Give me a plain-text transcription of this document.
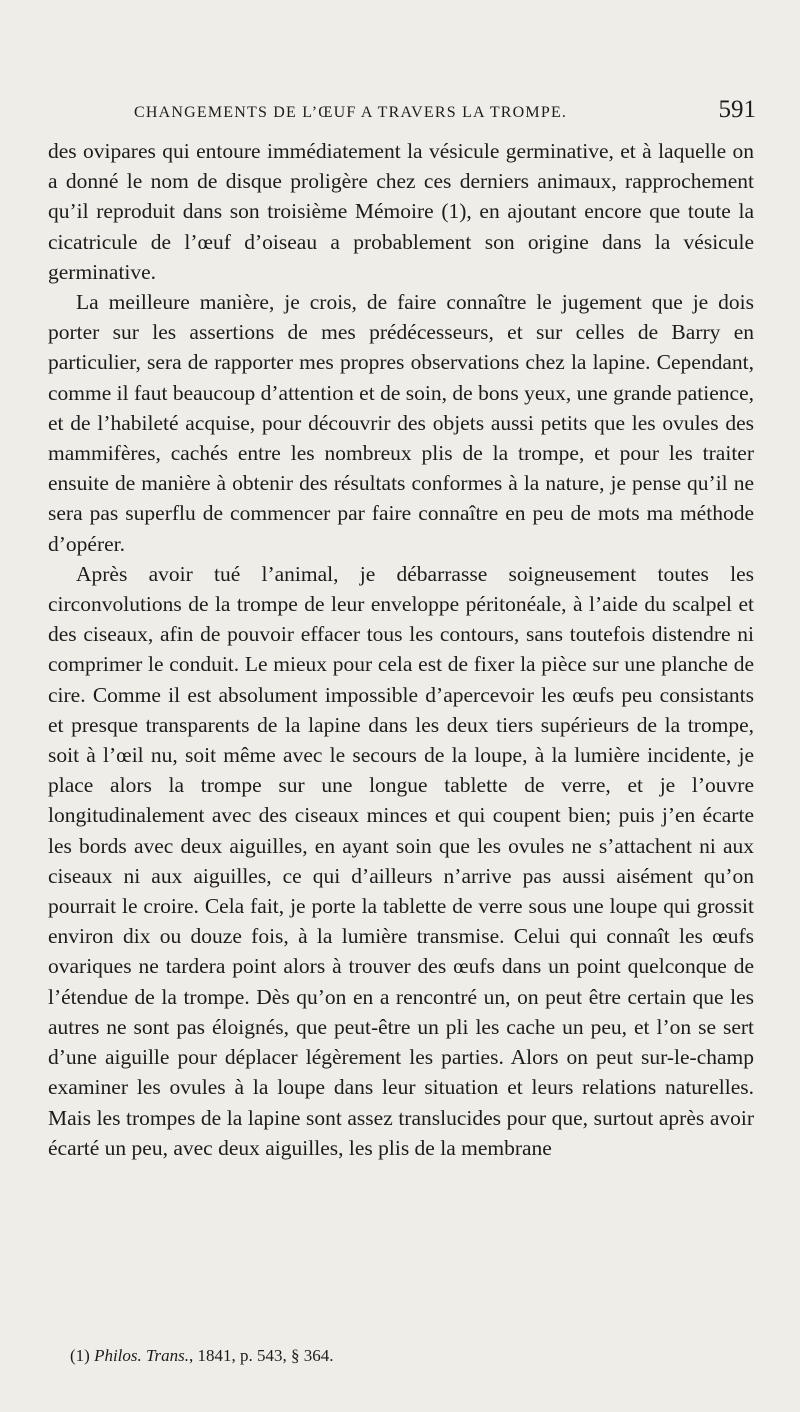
CHANGEMENTS DE L’ŒUF A TRAVERS LA TROMPE.	591

des ovipares qui entoure immédiatement la vésicule germinative, et à laquelle on a donné le nom de disque proligère chez ces derniers animaux, rapprochement qu’il reproduit dans son troisième Mémoire (1), en ajoutant encore que toute la cicatricule de l’œuf d’oiseau a probablement son origine dans la vésicule germinative.

La meilleure manière, je crois, de faire connaître le jugement que je dois porter sur les assertions de mes prédécesseurs, et sur celles de Barry en particulier, sera de rapporter mes propres observations chez la lapine. Cependant, comme il faut beaucoup d’attention et de soin, de bons yeux, une grande patience, et de l’habileté acquise, pour découvrir des objets aussi petits que les ovules des mammifères, cachés entre les nombreux plis de la trompe, et pour les traiter ensuite de manière à obtenir des résultats conformes à la nature, je pense qu’il ne sera pas superflu de commencer par faire connaître en peu de mots ma méthode d’opérer.

Après avoir tué l’animal, je débarrasse soigneusement toutes les circonvolutions de la trompe de leur enveloppe péritonéale, à l’aide du scalpel et des ciseaux, afin de pouvoir effacer tous les contours, sans toutefois distendre ni comprimer le conduit. Le mieux pour cela est de fixer la pièce sur une planche de cire. Comme il est absolument impossible d’apercevoir les œufs peu consistants et presque transparents de la lapine dans les deux tiers supérieurs de la trompe, soit à l’œil nu, soit même avec le secours de la loupe, à la lumière incidente, je place alors la trompe sur une longue tablette de verre, et je l’ouvre longitudinalement avec des ciseaux minces et qui coupent bien; puis j’en écarte les bords avec deux aiguilles, en ayant soin que les ovules ne s’attachent ni aux ciseaux ni aux aiguilles, ce qui d’ailleurs n’arrive pas aussi aisément qu’on pourrait le croire. Cela fait, je porte la tablette de verre sous une loupe qui grossit environ dix ou douze fois, à la lumière transmise. Celui qui connaît les œufs ovariques ne tardera point alors à trouver des œufs dans un point quelconque de l’étendue de la trompe. Dès qu’on en a rencontré un, on peut être certain que les autres ne sont pas éloignés, que peut-être un pli les cache un peu, et l’on se sert d’une aiguille pour déplacer légèrement les parties. Alors on peut sur-le-champ examiner les ovules à la loupe dans leur situation et leurs relations naturelles. Mais les trompes de la lapine sont assez translucides pour que, surtout après avoir écarté un peu, avec deux aiguilles, les plis de la membrane

(1) Philos. Trans., 1841, p. 543, § 364.
